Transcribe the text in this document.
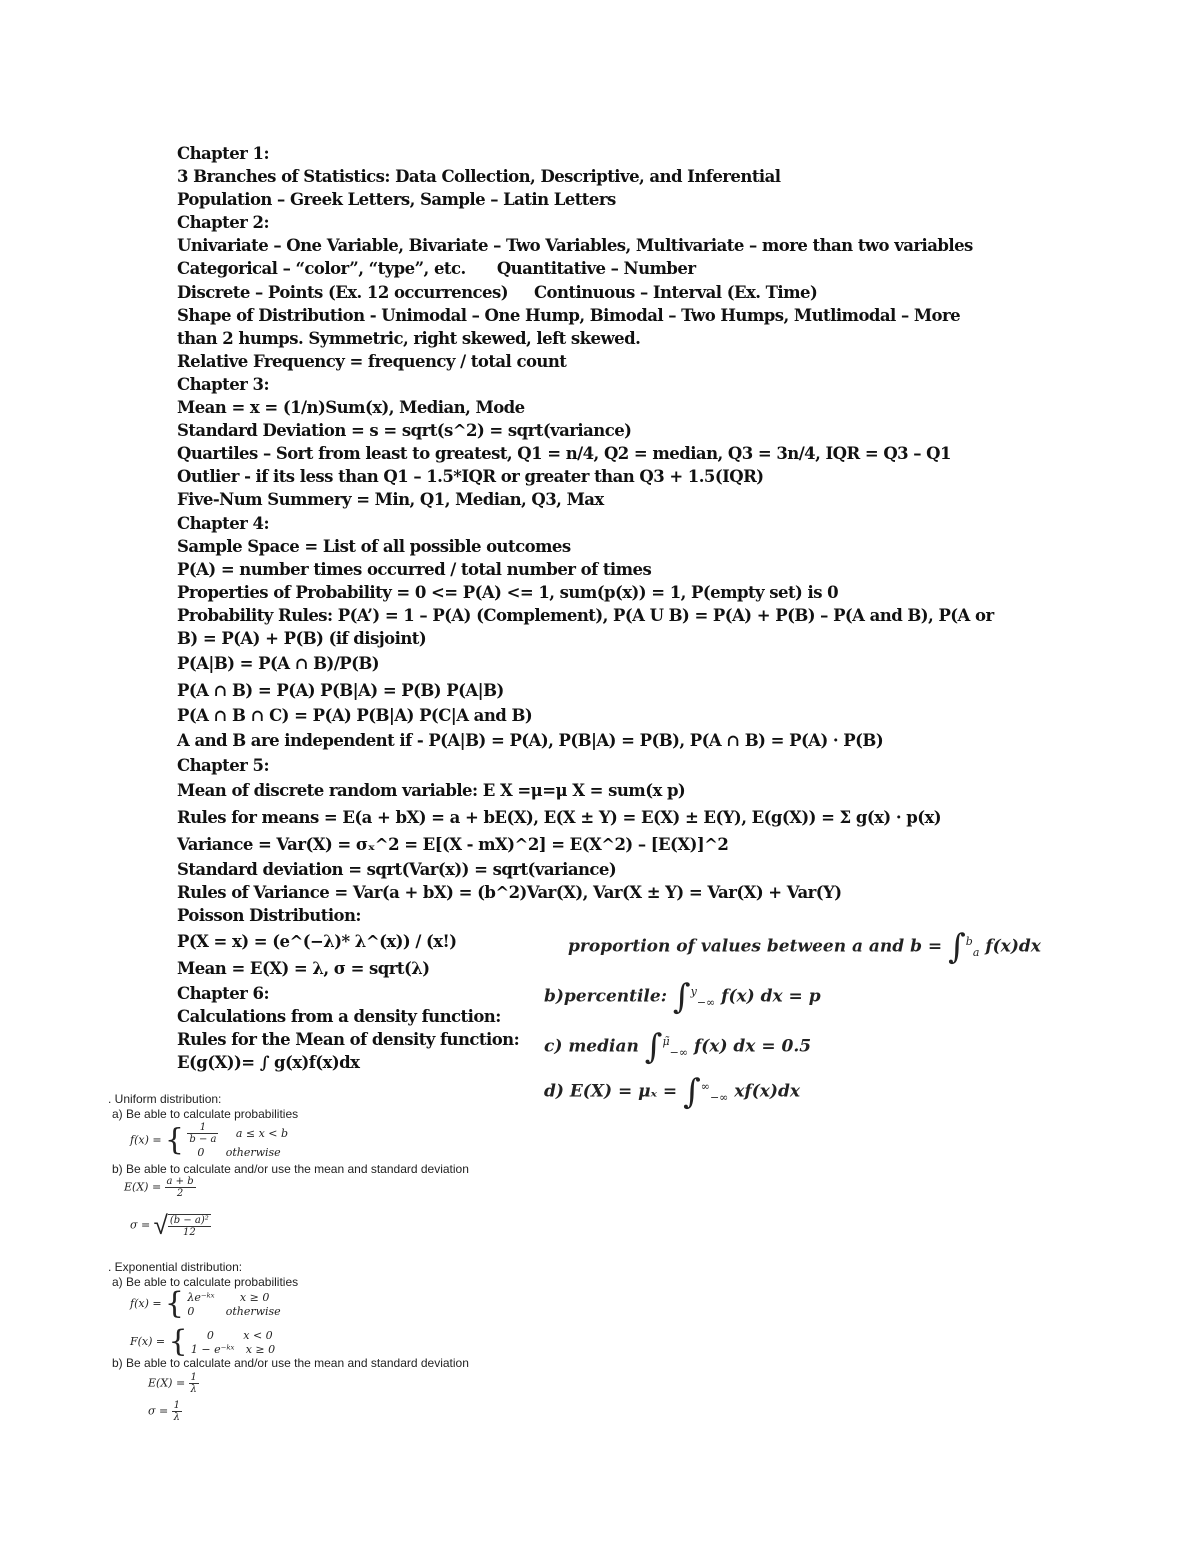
Chapter 1:
3 Branches of Statistics: Data Collection, Descriptive, and Inferential
Population – Greek Letters, Sample – Latin Letters
Chapter 2:
Univariate – One Variable, Bivariate – Two Variables, Multivariate – more than two variables
Categorical – “color”, “type”, etc.      Quantitative – Number
Discrete – Points (Ex. 12 occurrences)     Continuous – Interval (Ex. Time)
Shape of Distribution - Unimodal – One Hump, Bimodal – Two Humps, Mutlimodal – More than 2 humps. Symmetric, right skewed, left skewed.
Relative Frequency = frequency / total count
Chapter 3:
Mean = x = (1/n)Sum(x), Median, Mode
Standard Deviation = s = sqrt(s^2) = sqrt(variance)
Quartiles – Sort from least to greatest, Q1 = n/4, Q2 = median, Q3 = 3n/4, IQR = Q3 – Q1
Outlier - if its less than Q1 – 1.5*IQR or greater than Q3 + 1.5(IQR)
Five-Num Summery = Min, Q1, Median, Q3, Max
Chapter 4:
Sample Space = List of all possible outcomes
P(A) = number times occurred / total number of times
Properties of Probability = 0 <= P(A) <= 1, sum(p(x)) = 1, P(empty set) is 0
Probability Rules: P(A’) = 1 – P(A) (Complement), P(A U B) = P(A) + P(B) – P(A and B), P(A or B) = P(A) + P(B) (if disjoint)
P(A|B) = P(A ∩ B)/P(B)
P(A ∩ B) = P(A) P(B|A) = P(B) P(A|B)
P(A ∩ B ∩ C) = P(A) P(B|A) P(C|A and B)
A and B are independent if - P(A|B) = P(A), P(B|A) = P(B), P(A ∩ B) = P(A) · P(B)
Chapter 5:
Mean of discrete random variable: E X =μ=μ X = sum(x p)
Rules for means = E(a + bX) = a + bE(X), E(X ± Y) = E(X) ± E(Y), E(g(X)) = Σ g(x) · p(x)
Variance = Var(X) = σₓ^2 = E[(X - mX)^2] = E(X^2) – [E(X)]^2
Standard deviation = sqrt(Var(x)) = sqrt(variance)
Rules of Variance = Var(a + bX) = (b^2)Var(X), Var(X ± Y) = Var(X) + Var(Y)
Poisson Distribution:
P(X = x) = (e^(−λ)* λ^(x)) / (x!)
Mean = E(X) = λ, σ = sqrt(λ)
Chapter 6:
Calculations from a density function:
Rules for the Mean of density function:
E(g(X))= ∫ g(x)f(x)dx
proportion of values between a and b = ∫$^b_a$ f(x)dx
b)percentile: ∫$^y_{-\infty}$ f(x) dx = p
c) median ∫$^{\mũ}_{-\infty}$ f(x) dx = 0.5
d) $E(X) = \mu_x = \int^\infty_{-\infty}$ xf(x)dx
. Uniform distribution:
a) Be able to calculate probabilities
f(x) = { $\frac{1}{b - a}$ a ≤ x < b
0 otherwise
b) Be able to calculate and/or use the mean and standard deviation
$E(X) = \frac{a + b}{2}$
σ = √ $\frac{\text{(b − a)²}}{12}$
. Exponential distribution:
a) Be able to calculate probabilities
f(x) = { λe⁻ᵏˣ x ≥ 0
0	otherwise
F(x) = { 0	x < 0
1 − e⁻ᵏˣ x ≥ 0
b) Be able to calculate and/or use the mean and standard deviation
$E(X) = \frac{1}{\lambda}$
$\sigma = \frac{1}{\lambda}$
